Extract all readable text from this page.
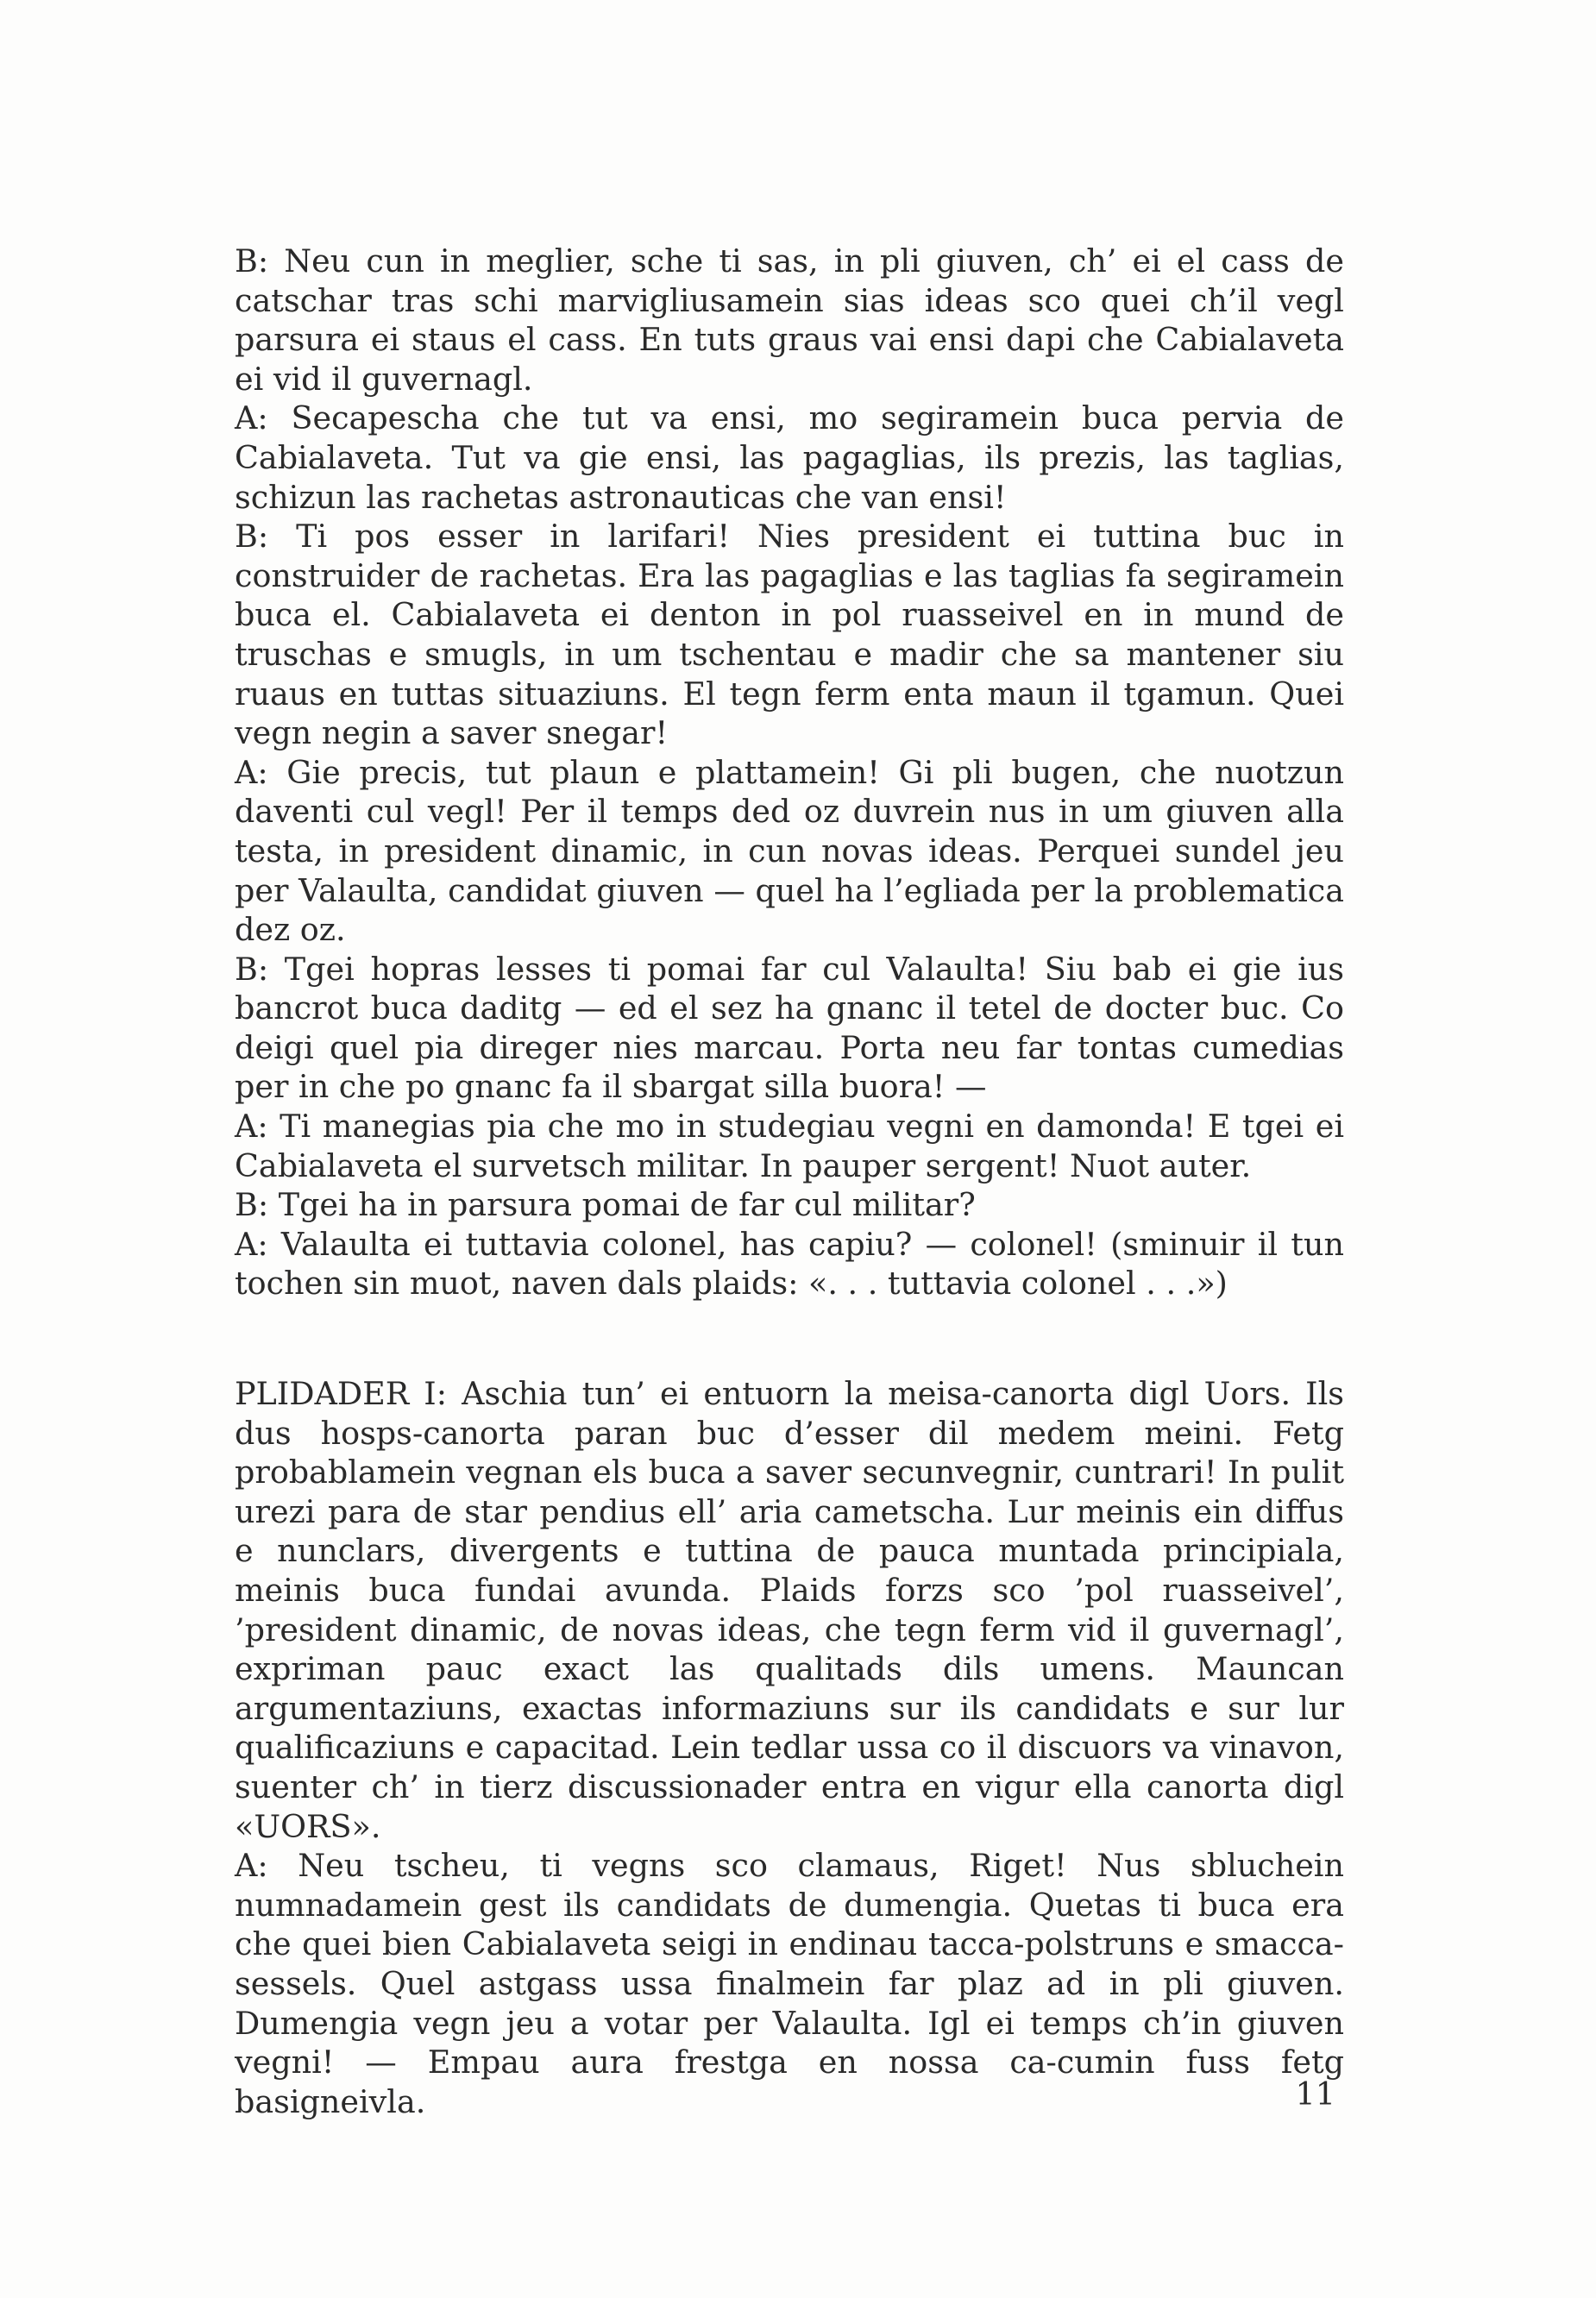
B: Neu cun in meglier, sche ti sas, in pli giuven, ch’ ei el cass de catschar tras schi marvigliusamein sias ideas sco quei ch’il vegl parsura ei staus el cass. En tuts graus vai ensi dapi che Cabialaveta ei vid il guvernagl.

A: Secapescha che tut va ensi, mo segiramein buca pervia de Cabialaveta. Tut va gie ensi, las pagaglias, ils prezis, las taglias, schizun las rachetas astronauticas che van ensi!

B: Ti pos esser in larifari! Nies president ei tuttina buc in construider de rachetas. Era las pagaglias e las taglias fa segiramein buca el. Cabialaveta ei denton in pol ruasseivel en in mund de truschas e smugls, in um tschentau e madir che sa mantener siu ruaus en tuttas situaziuns. El tegn ferm enta maun il tgamun. Quei vegn negin a saver snegar!

A: Gie precis, tut plaun e plattamein! Gi pli bugen, che nuotzun daventi cul vegl! Per il temps ded oz duvrein nus in um giuven alla testa, in president dinamic, in cun novas ideas. Perquei sundel jeu per Valaulta, candidat giuven — quel ha l’egliada per la problematica dez oz.

B: Tgei hopras lesses ti pomai far cul Valaulta! Siu bab ei gie ius bancrot buca daditg — ed el sez ha gnanc il tetel de docter buc. Co deigi quel pia direger nies marcau. Porta neu far tontas cumedias per in che po gnanc fa il sbargat silla buora! —

A: Ti manegias pia che mo in studegiau vegni en damonda! E tgei ei Cabialaveta el survetsch militar. In pauper sergent! Nuot auter.

B: Tgei ha in parsura pomai de far cul militar?

A: Valaulta ei tuttavia colonel, has capiu? — colonel! (sminuir il tun tochen sin muot, naven dals plaids: «. . . tuttavia colonel . . .»)

PLIDADER I: Aschia tun’ ei entuorn la meisa-canorta digl Uors. Ils dus hosps-canorta paran buc d’esser dil medem meini. Fetg probablamein vegnan els buca a saver secunvegnir, cuntrari! In pulit urezi para de star pendius ell’ aria cametscha. Lur meinis ein diffus e nunclars, divergents e tuttina de pauca muntada principiala, meinis buca fundai avunda. Plaids forzs sco ’pol ruasseivel’, ’president dinamic, de novas ideas, che tegn ferm vid il guvernagl’, expriman pauc exact las qualitads dils umens. Mauncan argumentaziuns, exactas informaziuns sur ils candidats e sur lur qualificaziuns e capacitad. Lein tedlar ussa co il discuors va vinavon, suenter ch’ in tierz discussionader entra en vigur ella canorta digl «UORS».

A: Neu tscheu, ti vegns sco clamaus, Riget! Nus sbluchein numnadamein gest ils candidats de dumengia. Quetas ti buca era che quei bien Cabialaveta seigi in endinau tacca-polstruns e smacca-sessels. Quel astgass ussa finalmein far plaz ad in pli giuven. Dumengia vegn jeu a votar per Valaulta. Igl ei temps ch’in giuven vegni! — Empau aura frestga en nossa ca-cumin fuss fetg basigneivla.	11
